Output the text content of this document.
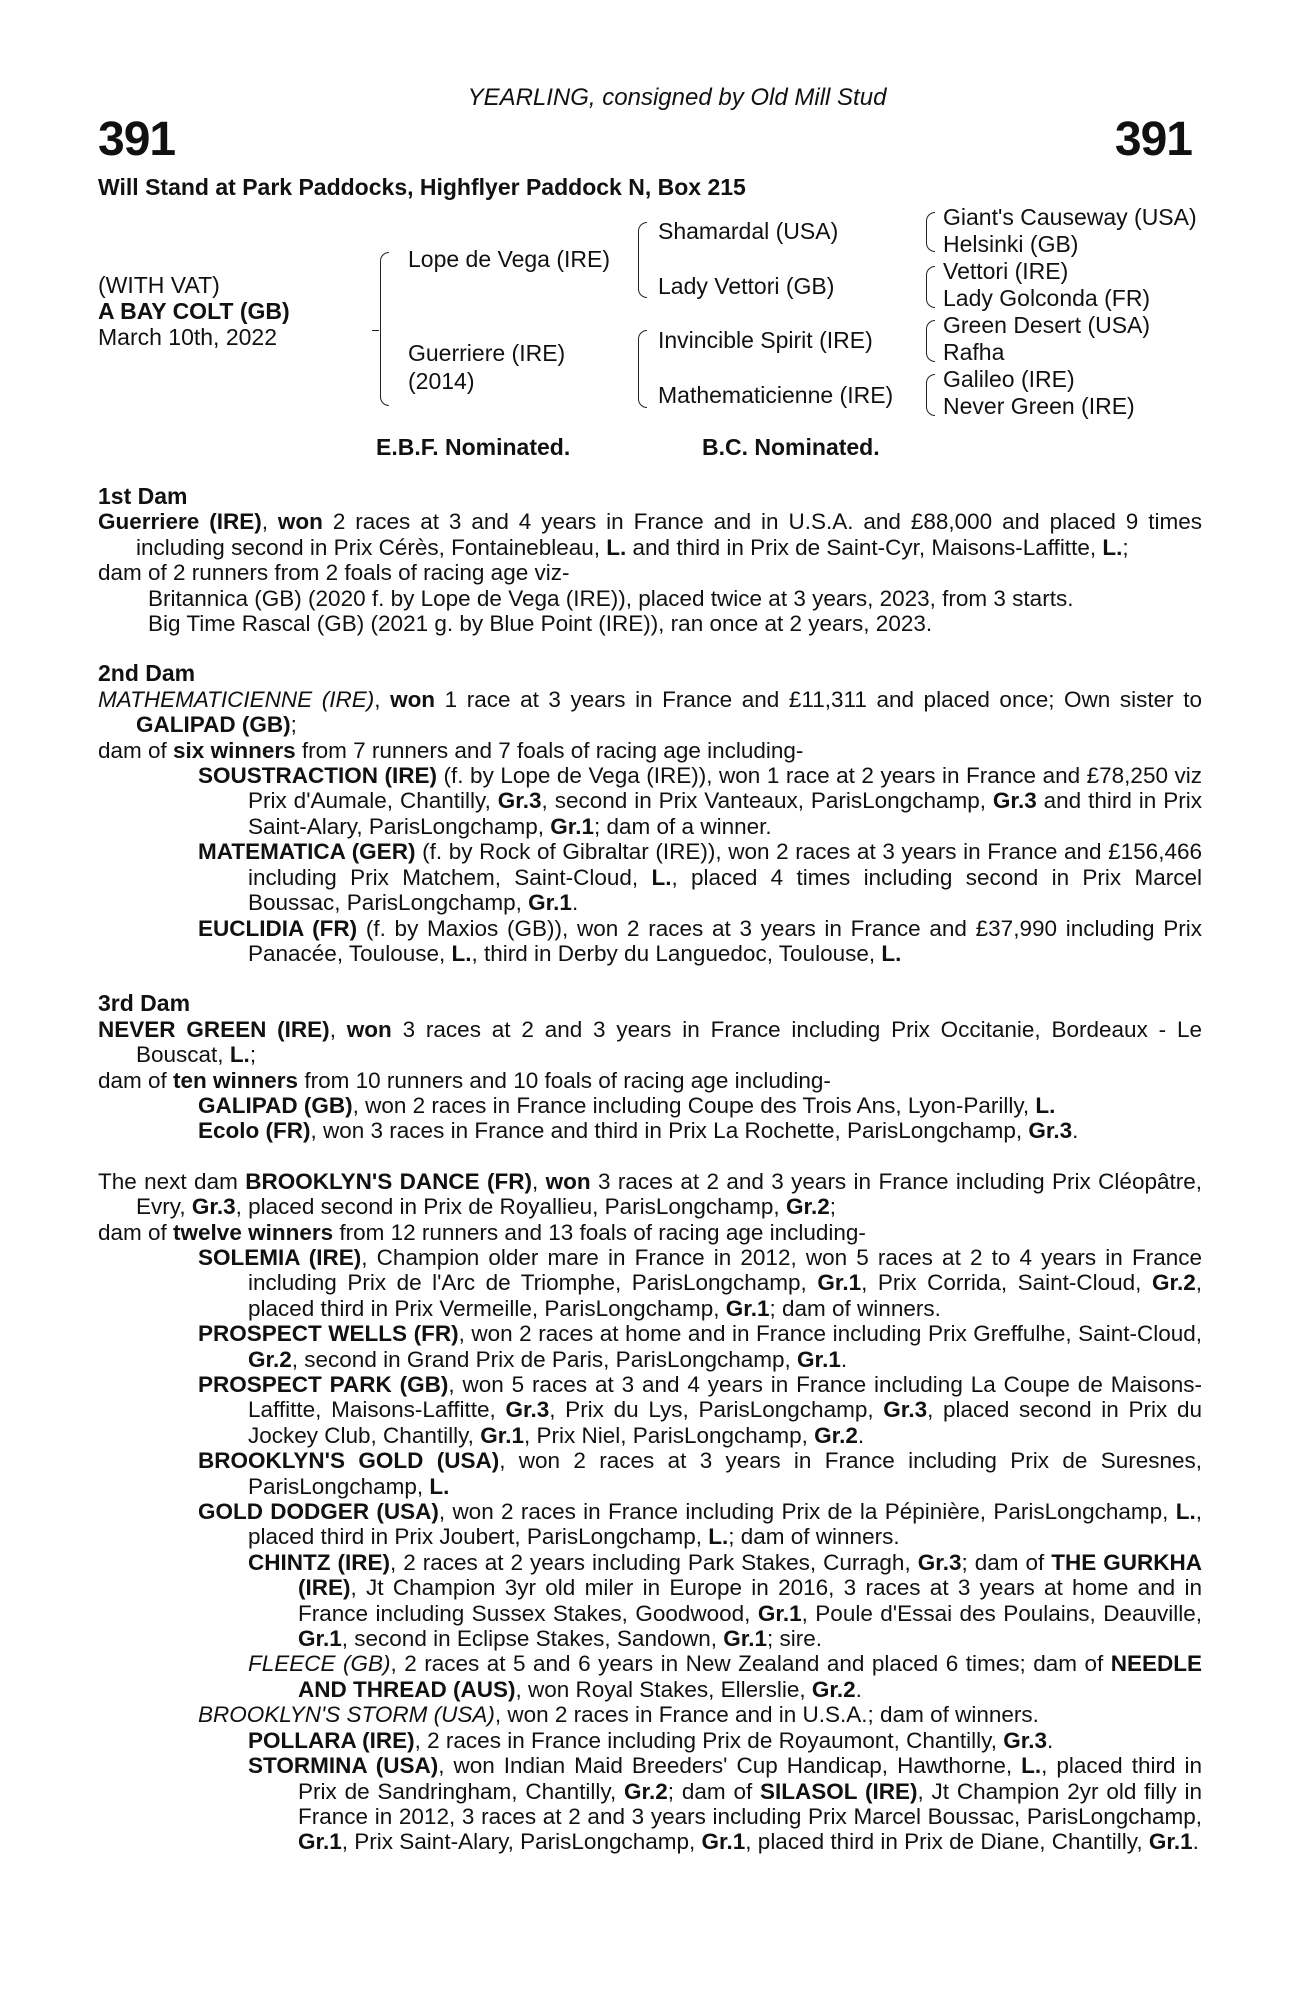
YEARLING, consigned by Old Mill Stud
391	391
Will Stand at Park Paddocks, Highflyer Paddock N, Box 215
(WITH VAT)
A BAY COLT (GB)
March 10th, 2022
Lope de Vega (IRE)
Guerriere (IRE)
(2014)
Shamardal (USA)
Lady Vettori (GB)
Invincible Spirit (IRE)
Mathematicienne (IRE)
Giant's Causeway (USA)
Helsinki (GB)
Vettori (IRE)
Lady Golconda (FR)
Green Desert (USA)
Rafha
Galileo (IRE)
Never Green (IRE)
E.B.F. Nominated.	B.C. Nominated.
1st Dam
Guerriere (IRE), won 2 races at 3 and 4 years in France and in U.S.A. and £88,000 and placed 9 times including second in Prix Cérès, Fontainebleau, L. and third in Prix de Saint-Cyr, Maisons-Laffitte, L.;
dam of 2 runners from 2 foals of racing age viz-
Britannica (GB) (2020 f. by Lope de Vega (IRE)), placed twice at 3 years, 2023, from 3 starts.
Big Time Rascal (GB) (2021 g. by Blue Point (IRE)), ran once at 2 years, 2023.
2nd Dam
MATHEMATICIENNE (IRE), won 1 race at 3 years in France and £11,311 and placed once; Own sister to GALIPAD (GB);
dam of six winners from 7 runners and 7 foals of racing age including-
SOUSTRACTION (IRE) (f. by Lope de Vega (IRE)), won 1 race at 2 years in France and £78,250 viz Prix d'Aumale, Chantilly, Gr.3, second in Prix Vanteaux, ParisLongchamp, Gr.3 and third in Prix Saint-Alary, ParisLongchamp, Gr.1; dam of a winner.
MATEMATICA (GER) (f. by Rock of Gibraltar (IRE)), won 2 races at 3 years in France and £156,466 including Prix Matchem, Saint-Cloud, L., placed 4 times including second in Prix Marcel Boussac, ParisLongchamp, Gr.1.
EUCLIDIA (FR) (f. by Maxios (GB)), won 2 races at 3 years in France and £37,990 including Prix Panacée, Toulouse, L., third in Derby du Languedoc, Toulouse, L.
3rd Dam
NEVER GREEN (IRE), won 3 races at 2 and 3 years in France including Prix Occitanie, Bordeaux - Le Bouscat, L.;
dam of ten winners from 10 runners and 10 foals of racing age including-
GALIPAD (GB), won 2 races in France including Coupe des Trois Ans, Lyon-Parilly, L.
Ecolo (FR), won 3 races in France and third in Prix La Rochette, ParisLongchamp, Gr.3.
The next dam BROOKLYN'S DANCE (FR), won 3 races at 2 and 3 years in France including Prix Cléopâtre, Evry, Gr.3, placed second in Prix de Royallieu, ParisLongchamp, Gr.2;
dam of twelve winners from 12 runners and 13 foals of racing age including-
SOLEMIA (IRE), Champion older mare in France in 2012, won 5 races at 2 to 4 years in France including Prix de l'Arc de Triomphe, ParisLongchamp, Gr.1, Prix Corrida, Saint-Cloud, Gr.2, placed third in Prix Vermeille, ParisLongchamp, Gr.1; dam of winners.
PROSPECT WELLS (FR), won 2 races at home and in France including Prix Greffulhe, Saint-Cloud, Gr.2, second in Grand Prix de Paris, ParisLongchamp, Gr.1.
PROSPECT PARK (GB), won 5 races at 3 and 4 years in France including La Coupe de Maisons-Laffitte, Maisons-Laffitte, Gr.3, Prix du Lys, ParisLongchamp, Gr.3, placed second in Prix du Jockey Club, Chantilly, Gr.1, Prix Niel, ParisLongchamp, Gr.2.
BROOKLYN'S GOLD (USA), won 2 races at 3 years in France including Prix de Suresnes, ParisLongchamp, L.
GOLD DODGER (USA), won 2 races in France including Prix de la Pépinière, ParisLongchamp, L., placed third in Prix Joubert, ParisLongchamp, L.; dam of winners.
CHINTZ (IRE), 2 races at 2 years including Park Stakes, Curragh, Gr.3; dam of THE GURKHA (IRE), Jt Champion 3yr old miler in Europe in 2016, 3 races at 3 years at home and in France including Sussex Stakes, Goodwood, Gr.1, Poule d'Essai des Poulains, Deauville, Gr.1, second in Eclipse Stakes, Sandown, Gr.1; sire.
FLEECE (GB), 2 races at 5 and 6 years in New Zealand and placed 6 times; dam of NEEDLE AND THREAD (AUS), won Royal Stakes, Ellerslie, Gr.2.
BROOKLYN'S STORM (USA), won 2 races in France and in U.S.A.; dam of winners.
POLLARA (IRE), 2 races in France including Prix de Royaumont, Chantilly, Gr.3.
STORMINA (USA), won Indian Maid Breeders' Cup Handicap, Hawthorne, L., placed third in Prix de Sandringham, Chantilly, Gr.2; dam of SILASOL (IRE), Jt Champion 2yr old filly in France in 2012, 3 races at 2 and 3 years including Prix Marcel Boussac, ParisLongchamp, Gr.1, Prix Saint-Alary, ParisLongchamp, Gr.1, placed third in Prix de Diane, Chantilly, Gr.1.
